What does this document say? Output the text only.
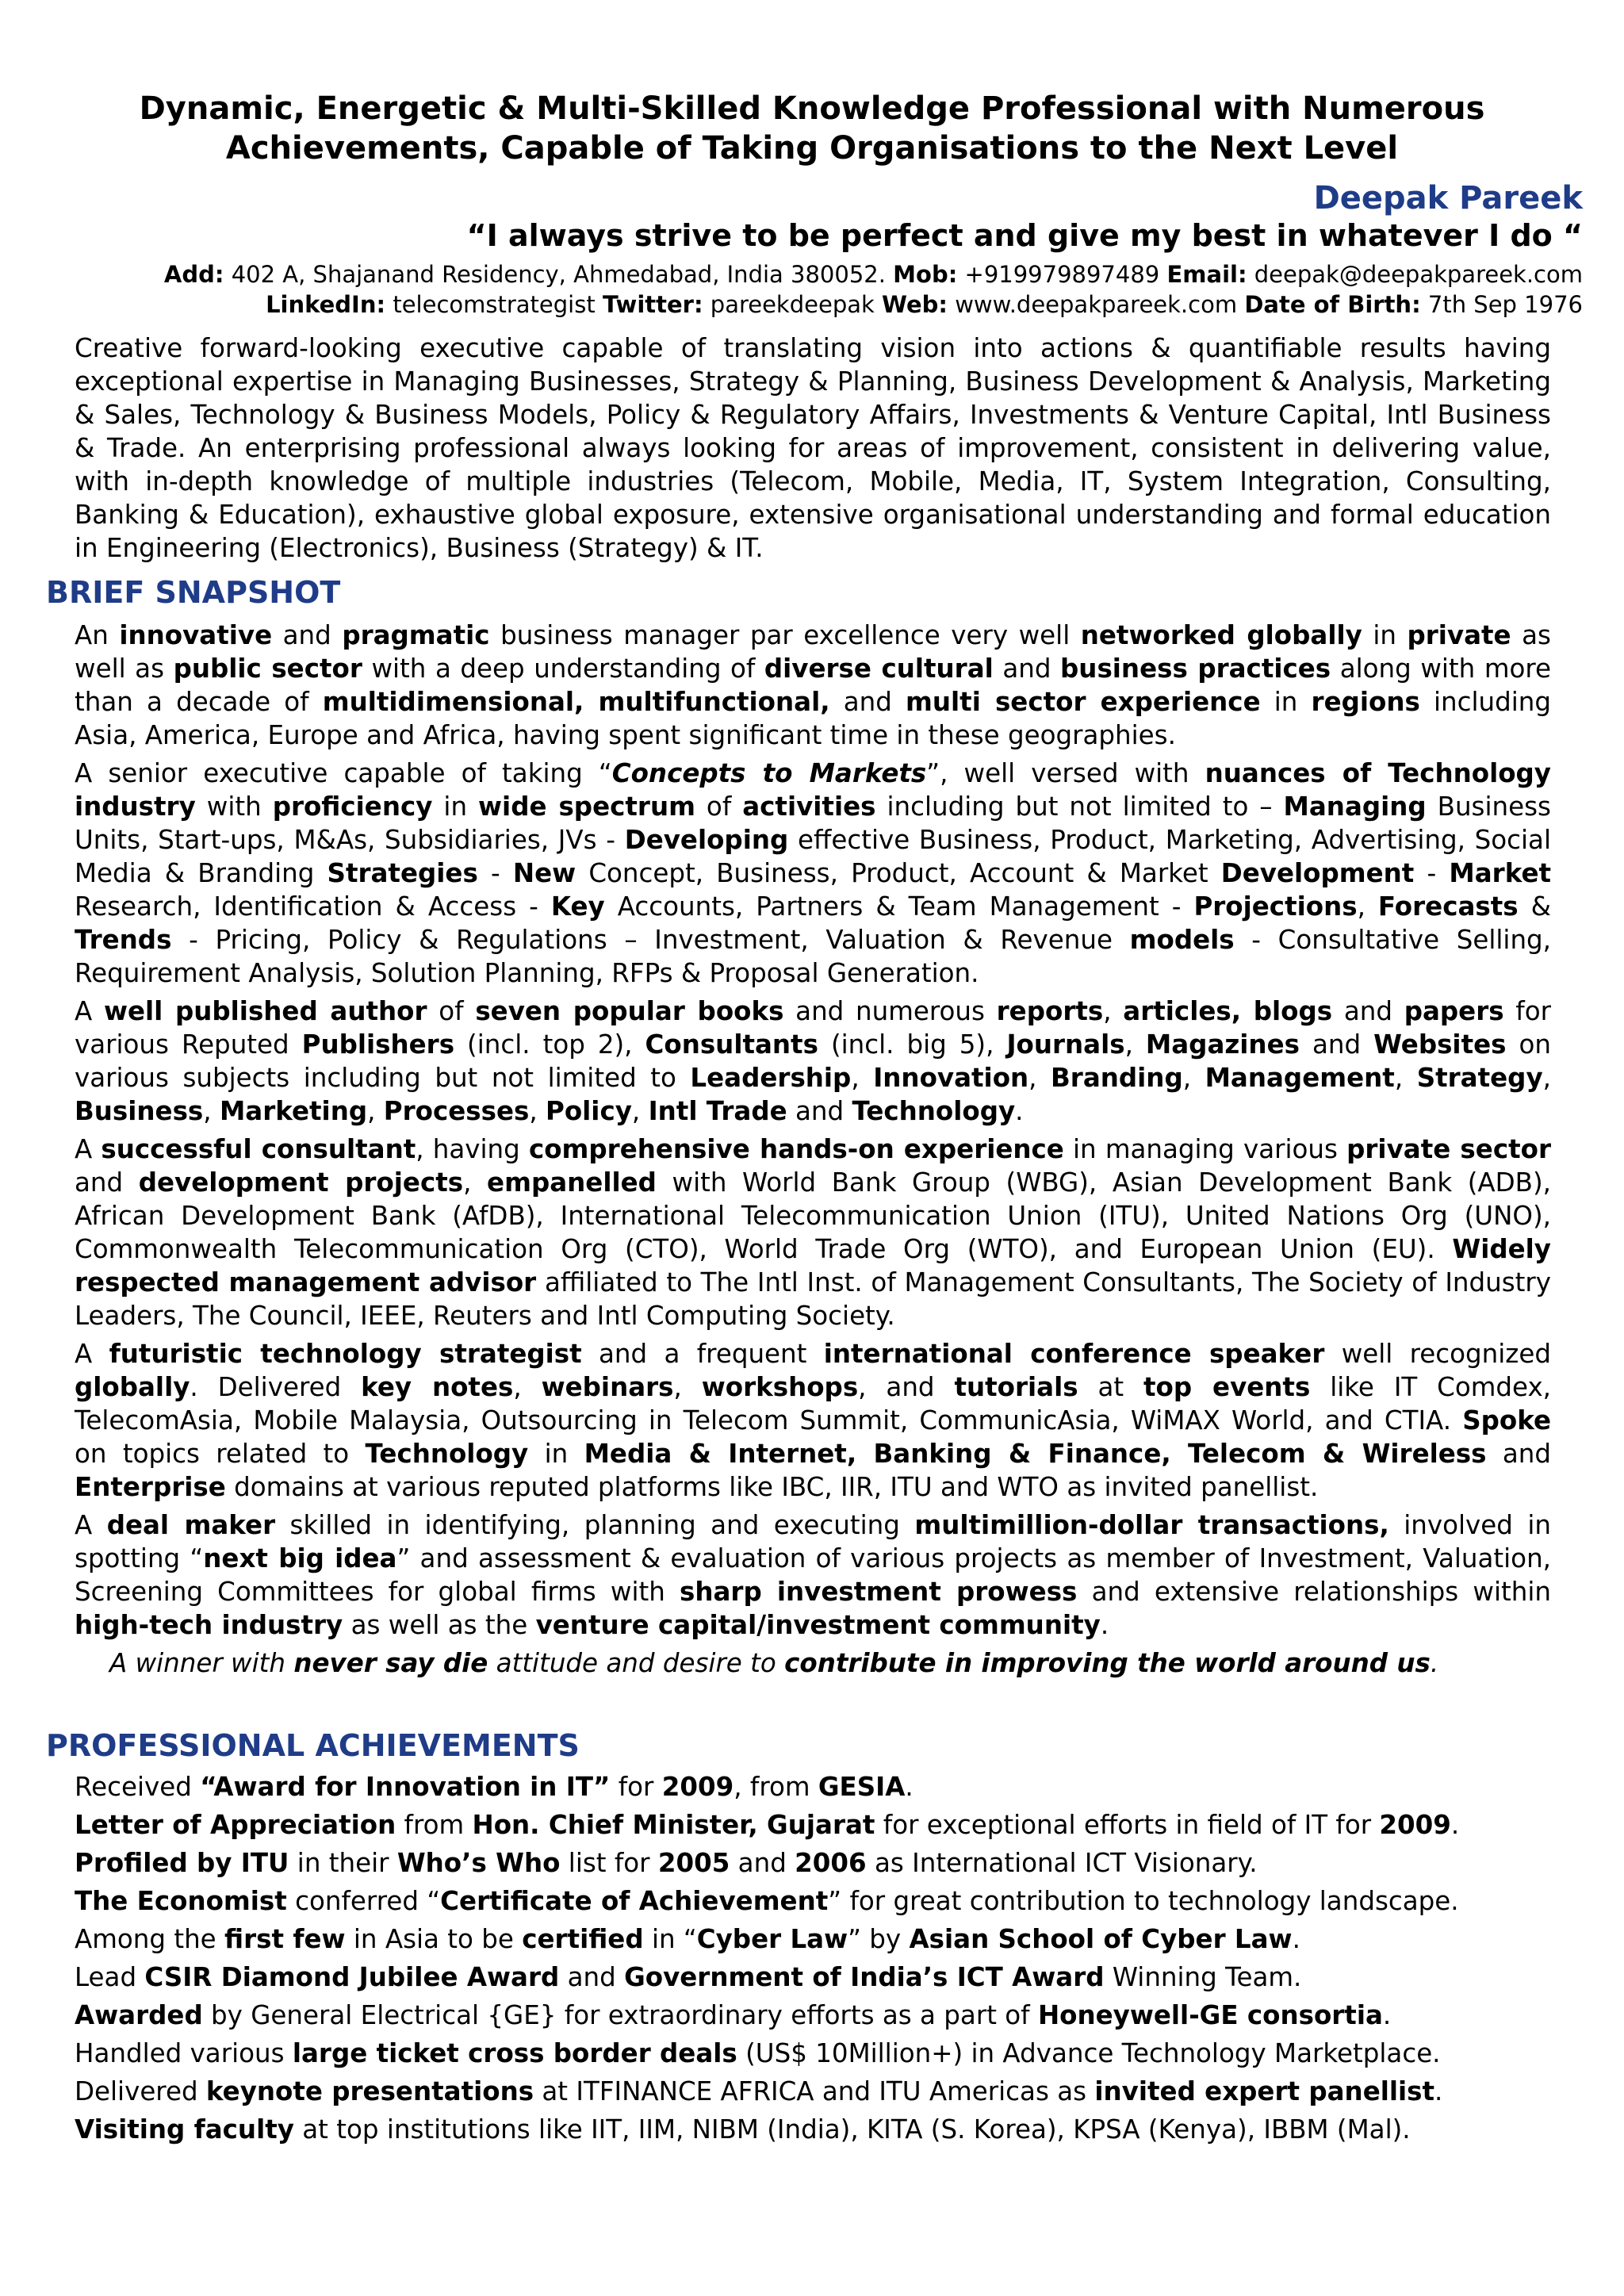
Dynamic, Energetic & Multi-Skilled Knowledge Professional with Numerous
Achievements, Capable of Taking Organisations to the Next Level
Deepak Pareek
“I always strive to be perfect and give my best in whatever I do “
Add: 402 A, Shajanand Residency, Ahmedabad, India 380052. Mob: +919979897489 Email: deepak@deepakpareek.com
LinkedIn: telecomstrategist Twitter: pareekdeepak Web: www.deepakpareek.com Date of Birth: 7th Sep 1976
Creative forward-looking executive capable of translating vision into actions & quantifiable results having exceptional expertise in Managing Businesses, Strategy & Planning, Business Development & Analysis, Marketing & Sales, Technology & Business Models, Policy & Regulatory Affairs, Investments & Venture Capital, Intl Business & Trade. An enterprising professional always looking for areas of improvement, consistent in delivering value, with in-depth knowledge of multiple industries (Telecom, Mobile, Media, IT, System Integration, Consulting, Banking & Education), exhaustive global exposure, extensive organisational understanding and formal education in Engineering (Electronics), Business (Strategy) & IT.
BRIEF SNAPSHOT

An innovative and pragmatic business manager par excellence very well networked globally in private as well as public sector with a deep understanding of diverse cultural and business practices along with more than a decade of multidimensional, multifunctional, and multi sector experience in regions including Asia, America, Europe and Africa, having spent significant time in these geographies.

A senior executive capable of taking “Concepts to Markets”, well versed with nuances of Technology industry with proficiency in wide spectrum of activities including but not limited to – Managing Business Units, Start-ups, M&As, Subsidiaries, JVs - Developing effective Business, Product, Marketing, Advertising, Social Media & Branding Strategies - New Concept, Business, Product, Account & Market Development - Market Research, Identification & Access - Key Accounts, Partners & Team Management - Projections, Forecasts & Trends - Pricing, Policy & Regulations – Investment, Valuation & Revenue models - Consultative Selling, Requirement Analysis, Solution Planning, RFPs & Proposal Generation.

A well published author of seven popular books and numerous reports, articles, blogs and papers for various Reputed Publishers (incl. top 2), Consultants (incl. big 5), Journals, Magazines and Websites on various subjects including but not limited to Leadership, Innovation, Branding, Management, Strategy, Business, Marketing, Processes, Policy, Intl Trade and Technology.

A successful consultant, having comprehensive hands-on experience in managing various private sector and development projects, empanelled with World Bank Group (WBG), Asian Development Bank (ADB), African Development Bank (AfDB), International Telecommunication Union (ITU), United Nations Org (UNO), Commonwealth Telecommunication Org (CTO), World Trade Org (WTO), and European Union (EU). Widely respected management advisor affiliated to The Intl Inst. of Management Consultants, The Society of Industry Leaders, The Council, IEEE, Reuters and Intl Computing Society.

A futuristic technology strategist and a frequent international conference speaker well recognized globally. Delivered key notes, webinars, workshops, and tutorials at top events like IT Comdex, TelecomAsia, Mobile Malaysia, Outsourcing in Telecom Summit, CommunicAsia, WiMAX World, and CTIA. Spoke on topics related to Technology in Media & Internet, Banking & Finance, Telecom & Wireless and Enterprise domains at various reputed platforms like IBC, IIR, ITU and WTO as invited panellist.

A deal maker skilled in identifying, planning and executing multimillion-dollar transactions, involved in spotting “next big idea” and assessment & evaluation of various projects as member of Investment, Valuation, Screening Committees for global firms with sharp investment prowess and extensive relationships within high-tech industry as well as the venture capital/investment community.

A winner with never say die attitude and desire to contribute in improving the world around us.

PROFESSIONAL ACHIEVEMENTS

Received “Award for Innovation in IT” for 2009, from GESIA.

Letter of Appreciation from Hon. Chief Minister, Gujarat for exceptional efforts in field of IT for 2009.

Profiled by ITU in their Who’s Who list for 2005 and 2006 as International ICT Visionary.

The Economist conferred “Certificate of Achievement” for great contribution to technology landscape.

Among the first few in Asia to be certified in “Cyber Law” by Asian School of Cyber Law.

Lead CSIR Diamond Jubilee Award and Government of India’s ICT Award Winning Team.

Awarded by General Electrical {GE} for extraordinary efforts as a part of Honeywell-GE consortia.

Handled various large ticket cross border deals (US$ 10Million+) in Advance Technology Marketplace.

Delivered keynote presentations at ITFINANCE AFRICA and ITU Americas as invited expert panellist.

Visiting faculty at top institutions like IIT, IIM, NIBM (India), KITA (S. Korea), KPSA (Kenya), IBBM (Mal).
